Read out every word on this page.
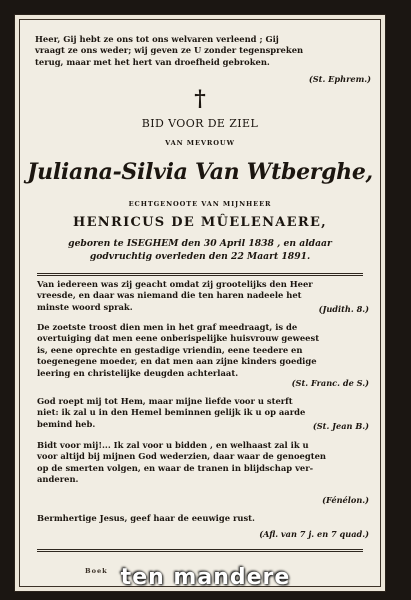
Heer, Gij hebt ze ons tot ons welvaren verleend ; Gij
vraagt ze ons weder; wij geven ze U zonder tegenspreken
terug, maar met het hert van droefheid gebroken.
(St. Ephrem.)
†
BID VOOR DE ZIEL
VAN MEVROUW
Juliana-Silvia Van Wtberghe,
ECHTGENOOTE VAN MIJNHEER
HENRICUS DE MÛELENAERE,
geboren te ISEGHEM den 30 April 1838 , en aldaar
godvruchtig overleden den 22 Maart 1891.
Van iedereen was zij geacht omdat zij grootelijks den Heer
vreesde, en daar was niemand die ten haren nadeele het
minste woord sprak.	(Judith. 8.)
De zoetste troost dien men in het graf meedraagt, is de
overtuiging dat men eene onberispelijke huisvrouw geweest
is, eene oprechte en gestadige vriendin, eene teedere en
toegenegene moeder, en dat men aan zijne kinders goedige
leering en christelijke deugden achterlaat.
(St. Franc. de S.)
God roept mij tot Hem, maar mijne liefde voor u sterft
niet: ik zal u in den Hemel beminnen gelijk ik u op aarde
bemind heb.	(St. Jean B.)
Bidt voor mij!... Ik zal voor u bidden , en welhaast zal ik u
voor altijd bij mijnen God wederzien, daar waar de genoegten
op de smerten volgen, en waar de tranen in blijdschap ver-
anderen.
(Fénélon.)
Bermhertige Jesus, geef haar de eeuwige rust.
(Afl. van 7 j. en 7 quad.)
Boek ten mandere
